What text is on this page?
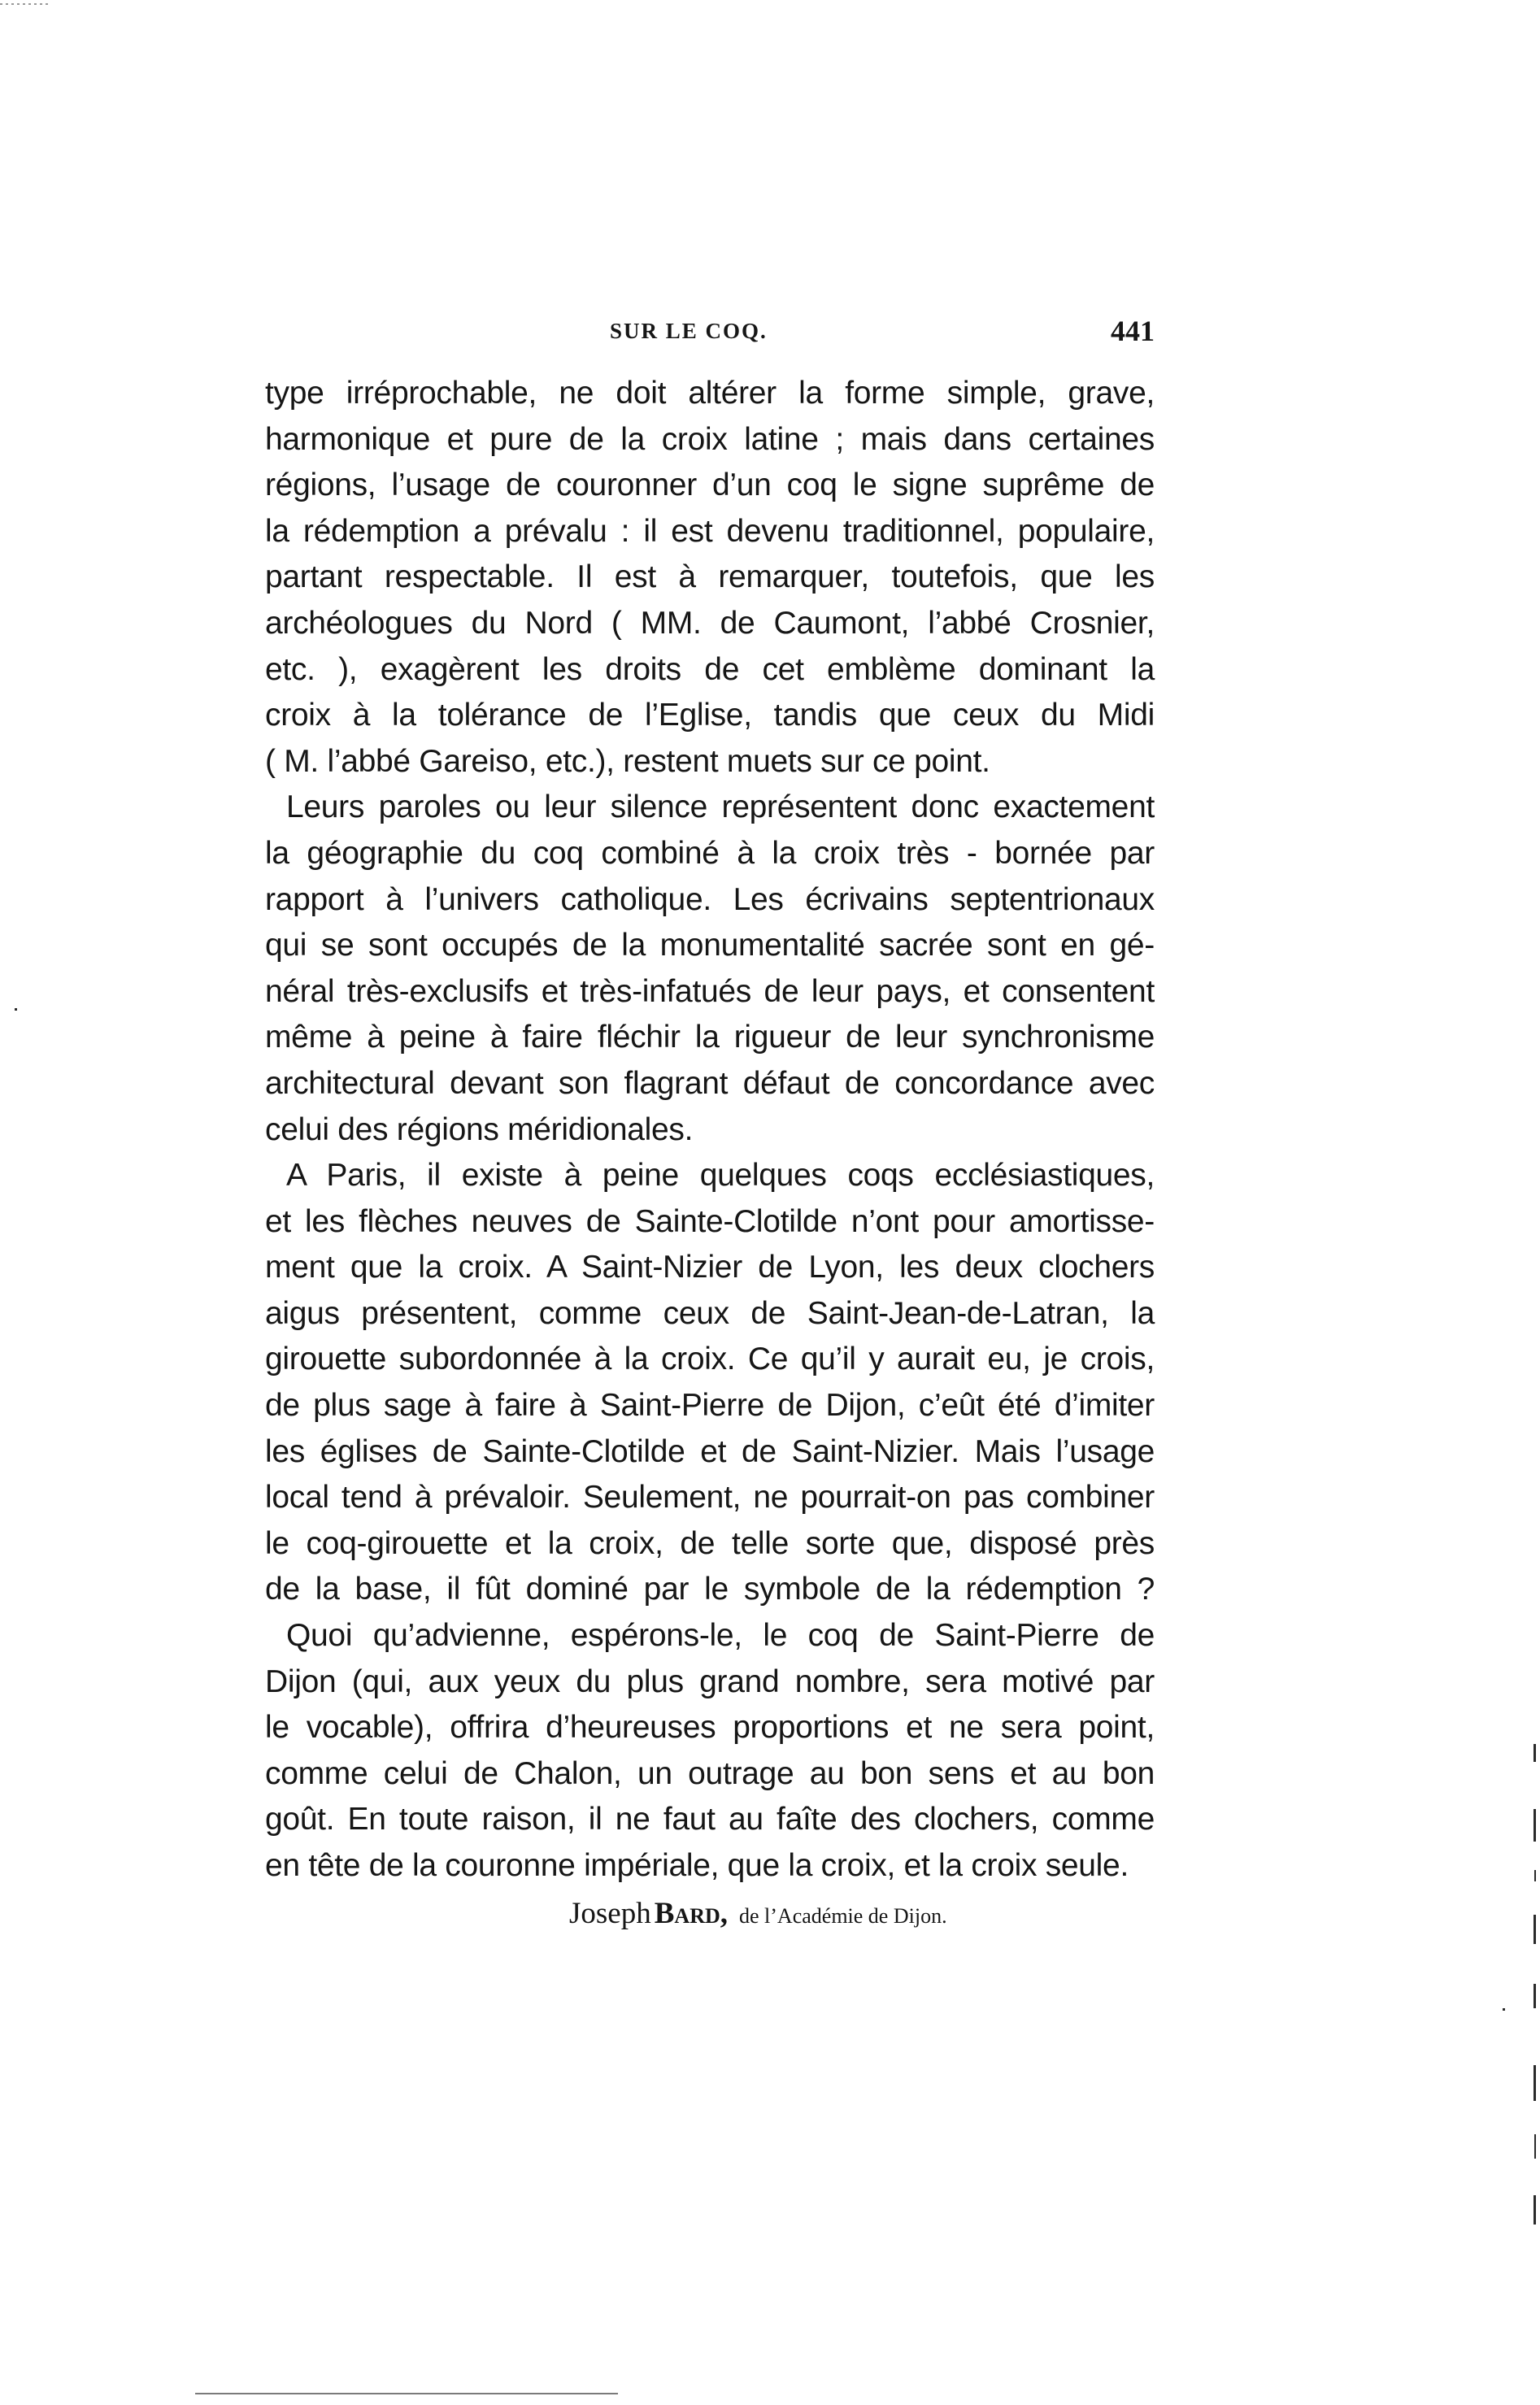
SUR LE COQ.	441
type irréprochable, ne doit altérer la forme simple, grave,
harmonique et pure de la croix latine ; mais dans certaines
régions, l’usage de couronner d’un coq le signe suprême de
la rédemption a prévalu : il est devenu traditionnel, populaire,
partant respectable. Il est à remarquer, toutefois, que les
archéologues du Nord ( MM. de Caumont, l’abbé Crosnier,
etc. ), exagèrent les droits de cet emblème dominant la
croix à la tolérance de l’Eglise, tandis que ceux du Midi
( M. l’abbé Gareiso, etc.), restent muets sur ce point.
Leurs paroles ou leur silence représentent donc exactement
la géographie du coq combiné à la croix très - bornée par
rapport à l’univers catholique. Les écrivains septentrionaux
qui se sont occupés de la monumentalité sacrée sont en gé-
néral très-exclusifs et très-infatués de leur pays, et consentent
même à peine à faire fléchir la rigueur de leur synchronisme
architectural devant son flagrant défaut de concordance avec
celui des régions méridionales.
A Paris, il existe à peine quelques coqs ecclésiastiques,
et les flèches neuves de Sainte-Clotilde n’ont pour amortisse-
ment que la croix. A Saint-Nizier de Lyon, les deux clochers
aigus présentent, comme ceux de Saint-Jean-de-Latran, la
girouette subordonnée à la croix. Ce qu’il y aurait eu, je crois,
de plus sage à faire à Saint-Pierre de Dijon, c’eût été d’imiter
les églises de Sainte-Clotilde et de Saint-Nizier. Mais l’usage
local tend à prévaloir. Seulement, ne pourrait-on pas combiner
le coq-girouette et la croix, de telle sorte que, disposé près
de la base, il fût dominé par le symbole de la rédemption ?
Quoi qu’advienne, espérons-le, le coq de Saint-Pierre de
Dijon (qui, aux yeux du plus grand nombre, sera motivé par
le vocable), offrira d’heureuses proportions et ne sera point,
comme celui de Chalon, un outrage au bon sens et au bon
goût. En toute raison, il ne faut au faîte des clochers, comme
en tête de la couronne impériale, que la croix, et la croix seule.
Joseph Bard, de l’Académie de Dijon.
